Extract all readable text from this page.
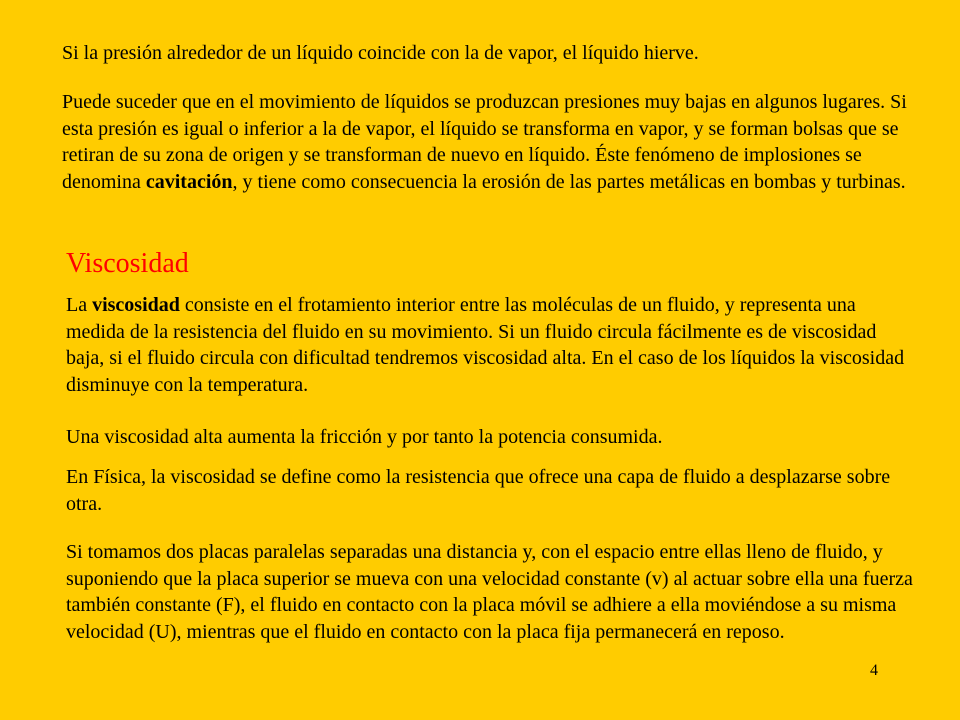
Si la presión alrededor de un líquido coincide con la de vapor, el líquido hierve.

Puede suceder que en el movimiento de líquidos se produzcan presiones muy bajas en algunos lugares. Si esta presión es igual o inferior a la de vapor, el líquido se transforma en vapor, y se forman bolsas que se retiran de su zona de origen y se transforman de nuevo en líquido. Éste fenómeno de implosiones se denomina cavitación, y tiene como consecuencia la erosión de las partes metálicas en bombas y turbinas.

Viscosidad

La viscosidad consiste en el frotamiento interior entre las moléculas de un fluido, y representa una medida de la resistencia del fluido en su movimiento. Si un fluido circula fácilmente es de viscosidad baja, si el fluido circula con dificultad tendremos viscosidad alta. En el caso de los líquidos la viscosidad disminuye con la temperatura.

Una viscosidad alta aumenta la fricción y por tanto la potencia consumida.

En Física, la viscosidad se define como la resistencia que ofrece una capa de fluido a desplazarse sobre otra.

Si tomamos dos placas paralelas separadas una distancia y, con el espacio entre ellas lleno de fluido, y suponiendo que la placa superior se mueva con una velocidad constante (v) al actuar sobre ella una fuerza también constante (F), el fluido en contacto con la placa móvil se adhiere a ella moviéndose a su misma velocidad (U), mientras que el fluido en contacto con la placa fija permanecerá en reposo.

4
